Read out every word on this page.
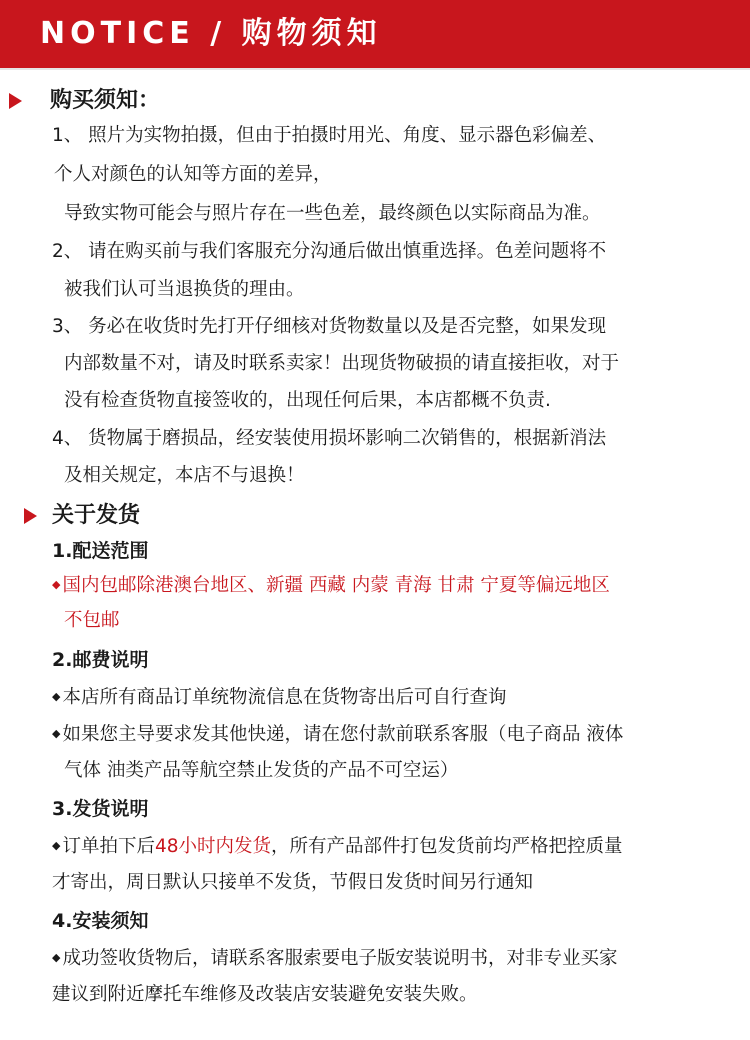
NOTICE / 购物须知
购买须知：
1、 照片为实物拍摄，但由于拍摄时用光、角度、显示器色彩偏差、
个人对颜色的认知等方面的差异，
导致实物可能会与照片存在一些色差，最终颜色以实际商品为准。
2、 请在购买前与我们客服充分沟通后做出慎重选择。色差问题将不
被我们认可当退换货的理由。
3、 务必在收货时先打开仔细核对货物数量以及是否完整，如果发现
内部数量不对，请及时联系卖家！出现货物破损的请直接拒收，对于
没有检查货物直接签收的，出现任何后果，本店都概不负责.
4、 货物属于磨损品，经安装使用损坏影响二次销售的，根据新消法
及相关规定，本店不与退换！
关于发货
1.配送范围
◆ 国内包邮除港澳台地区、新疆 西藏 内蒙 青海 甘肃 宁夏等偏远地区
不包邮
2.邮费说明
◆ 本店所有商品订单统物流信息在货物寄出后可自行查询
◆ 如果您主导要求发其他快递，请在您付款前联系客服（电子商品 液体
气体 油类产品等航空禁止发货的产品不可空运）
3.发货说明
◆ 订单拍下后48小时内发货，所有产品部件打包发货前均严格把控质量
才寄出，周日默认只接单不发货，节假日发货时间另行通知
4.安装须知
◆ 成功签收货物后，请联系客服索要电子版安装说明书，对非专业买家
建议到附近摩托车维修及改装店安装避免安装失败。
